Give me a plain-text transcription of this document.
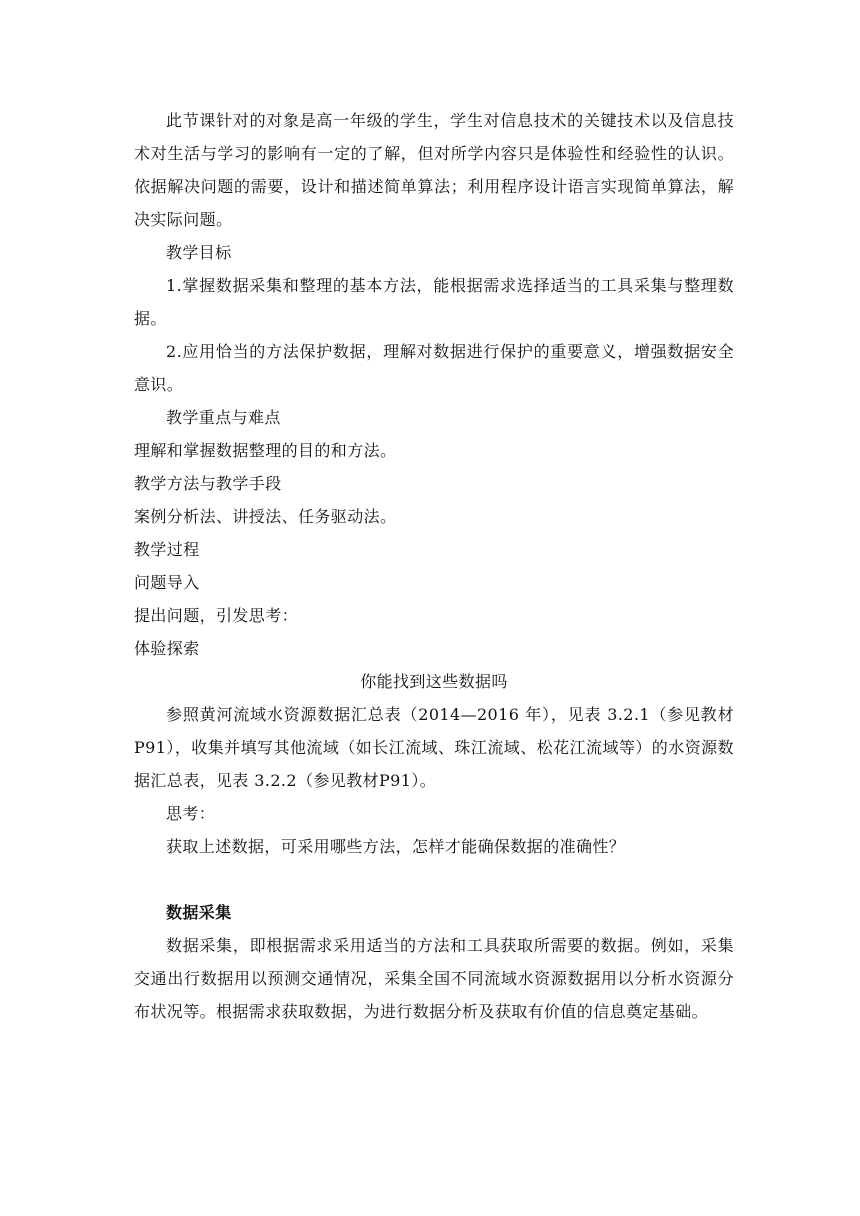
此节课针对的对象是高一年级的学生，学生对信息技术的关键技术以及信息技术对生活与学习的影响有一定的了解，但对所学内容只是体验性和经验性的认识。依据解决问题的需要，设计和描述简单算法；利用程序设计语言实现简单算法，解决实际问题。

教学目标

1.掌握数据采集和整理的基本方法，能根据需求选择适当的工具采集与整理数据。

2.应用恰当的方法保护数据，理解对数据进行保护的重要意义，增强数据安全意识。

教学重点与难点

理解和掌握数据整理的目的和方法。

教学方法与教学手段

案例分析法、讲授法、任务驱动法。

教学过程

问题导入

提出问题，引发思考：

体验探索

你能找到这些数据吗

参照黄河流域水资源数据汇总表（2014—2016 年），见表 3.2.1（参见教材P91），收集并填写其他流域（如长江流域、珠江流域、松花江流域等）的水资源数据汇总表，见表 3.2.2（参见教材P91）。

思考：

获取上述数据，可采用哪些方法，怎样才能确保数据的准确性？

数据采集

数据采集，即根据需求采用适当的方法和工具获取所需要的数据。例如，采集交通出行数据用以预测交通情况，采集全国不同流域水资源数据用以分析水资源分布状况等。根据需求获取数据，为进行数据分析及获取有价值的信息奠定基础。
